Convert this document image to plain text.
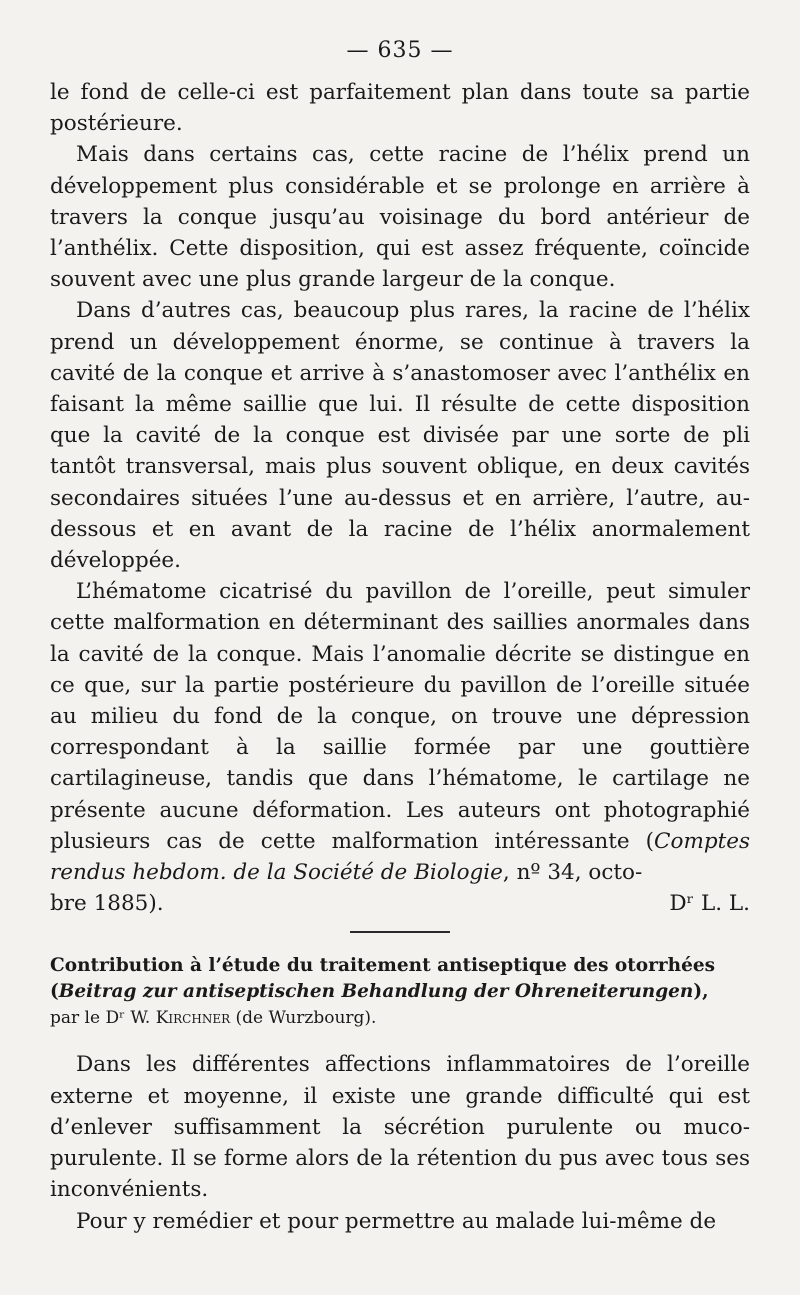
— 635 —

le fond de celle-ci est parfaitement plan dans toute sa partie postérieure.

Mais dans certains cas, cette racine de l’hélix prend un développement plus considérable et se prolonge en arrière à travers la conque jusqu’au voisinage du bord antérieur de l’anthélix. Cette disposition, qui est assez fréquente, coïncide souvent avec une plus grande largeur de la conque.

Dans d’autres cas, beaucoup plus rares, la racine de l’hélix prend un développement énorme, se continue à travers la cavité de la conque et arrive à s’anastomoser avec l’anthélix en faisant la même saillie que lui. Il résulte de cette disposition que la cavité de la conque est divisée par une sorte de pli tantôt transversal, mais plus souvent oblique, en deux cavités secondaires situées l’une au-dessus et en arrière, l’autre, au-dessous et en avant de la racine de l’hélix anormalement développée.

L’hématome cicatrisé du pavillon de l’oreille, peut simuler cette malformation en déterminant des saillies anormales dans la cavité de la conque. Mais l’anomalie décrite se distingue en ce que, sur la partie postérieure du pavillon de l’oreille située au milieu du fond de la conque, on trouve une dépression correspondant à la saillie formée par une gouttière cartilagineuse, tandis que dans l’hématome, le cartilage ne présente aucune déformation. Les auteurs ont photographié plusieurs cas de cette malformation intéressante (Comptes rendus hebdom. de la Société de Biologie, nº 34, octo-

bre 1885).	Dʳ L. L.

Contribution à l’étude du traitement antiseptique des otorrhées (Beitrag zur antiseptischen Behandlung der Ohreneiterungen),
par le Dʳ W. Kirchner (de Wurzbourg).

Dans les différentes affections inflammatoires de l’oreille externe et moyenne, il existe une grande difficulté qui est d’enlever suffisamment la sécrétion purulente ou muco-purulente. Il se forme alors de la rétention du pus avec tous ses inconvénients.

Pour y remédier et pour permettre au malade lui-même de
